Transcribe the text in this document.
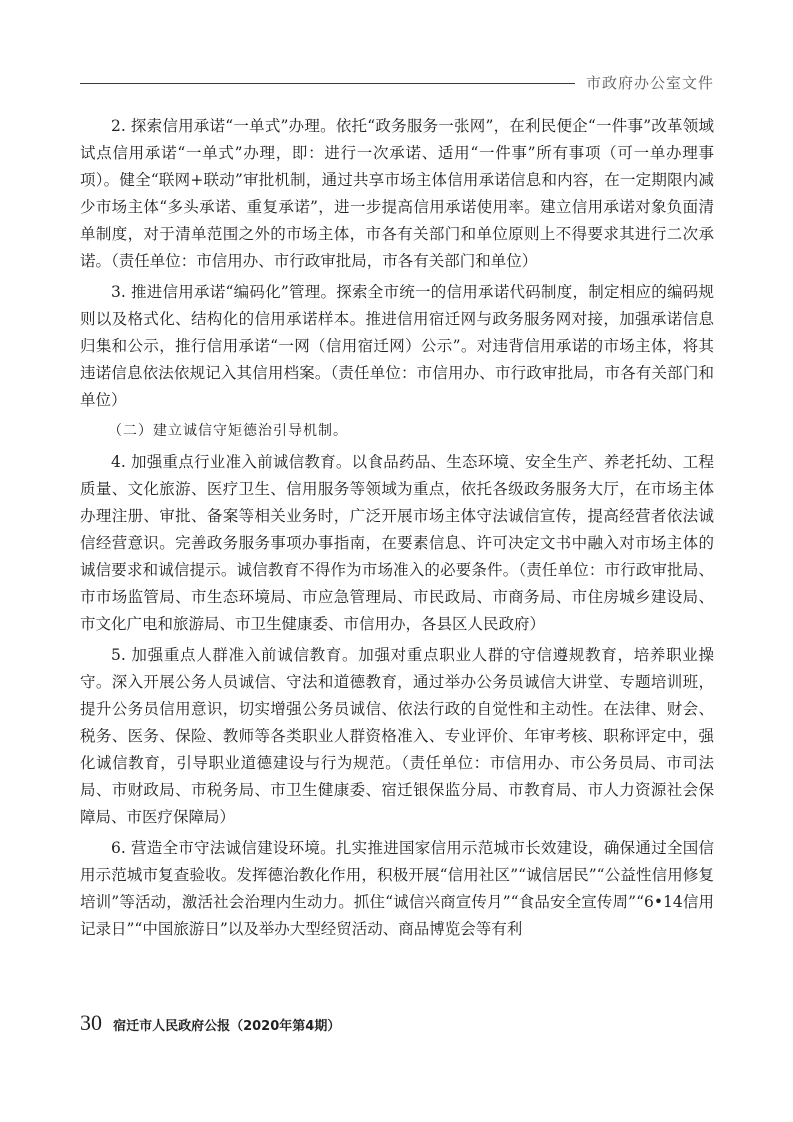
市政府办公室文件

2. 探索信用承诺“一单式”办理。依托“政务服务一张网”，在利民便企“一件事”改革领域试点信用承诺“一单式”办理，即：进行一次承诺、适用“一件事”所有事项（可一单办理事项）。健全“联网+联动”审批机制，通过共享市场主体信用承诺信息和内容，在一定期限内减少市场主体“多头承诺、重复承诺”，进一步提高信用承诺使用率。建立信用承诺对象负面清单制度，对于清单范围之外的市场主体，市各有关部门和单位原则上不得要求其进行二次承诺。（责任单位：市信用办、市行政审批局，市各有关部门和单位）

3. 推进信用承诺“编码化”管理。探索全市统一的信用承诺代码制度，制定相应的编码规则以及格式化、结构化的信用承诺样本。推进信用宿迁网与政务服务网对接，加强承诺信息归集和公示，推行信用承诺“一网（信用宿迁网）公示”。对违背信用承诺的市场主体，将其违诺信息依法依规记入其信用档案。（责任单位：市信用办、市行政审批局，市各有关部门和单位）

（二）建立诚信守矩德治引导机制。

4. 加强重点行业准入前诚信教育。以食品药品、生态环境、安全生产、养老托幼、工程质量、文化旅游、医疗卫生、信用服务等领域为重点，依托各级政务服务大厅，在市场主体办理注册、审批、备案等相关业务时，广泛开展市场主体守法诚信宣传，提高经营者依法诚信经营意识。完善政务服务事项办事指南，在要素信息、许可决定文书中融入对市场主体的诚信要求和诚信提示。诚信教育不得作为市场准入的必要条件。（责任单位：市行政审批局、市市场监管局、市生态环境局、市应急管理局、市民政局、市商务局、市住房城乡建设局、市文化广电和旅游局、市卫生健康委、市信用办，各县区人民政府）

5. 加强重点人群准入前诚信教育。加强对重点职业人群的守信遵规教育，培养职业操守。深入开展公务人员诚信、守法和道德教育，通过举办公务员诚信大讲堂、专题培训班，提升公务员信用意识，切实增强公务员诚信、依法行政的自觉性和主动性。在法律、财会、税务、医务、保险、教师等各类职业人群资格准入、专业评价、年审考核、职称评定中，强化诚信教育，引导职业道德建设与行为规范。（责任单位：市信用办、市公务员局、市司法局、市财政局、市税务局、市卫生健康委、宿迁银保监分局、市教育局、市人力资源社会保障局、市医疗保障局）

6. 营造全市守法诚信建设环境。扎实推进国家信用示范城市长效建设，确保通过全国信用示范城市复查验收。发挥德治教化作用，积极开展“信用社区”“诚信居民”“公益性信用修复培训”等活动，激活社会治理内生动力。抓住“诚信兴商宣传月”“食品安全宣传周”“6•14信用记录日”“中国旅游日”以及举办大型经贸活动、商品博览会等有利

30 宿迁市人民政府公报（2020年第4期）
